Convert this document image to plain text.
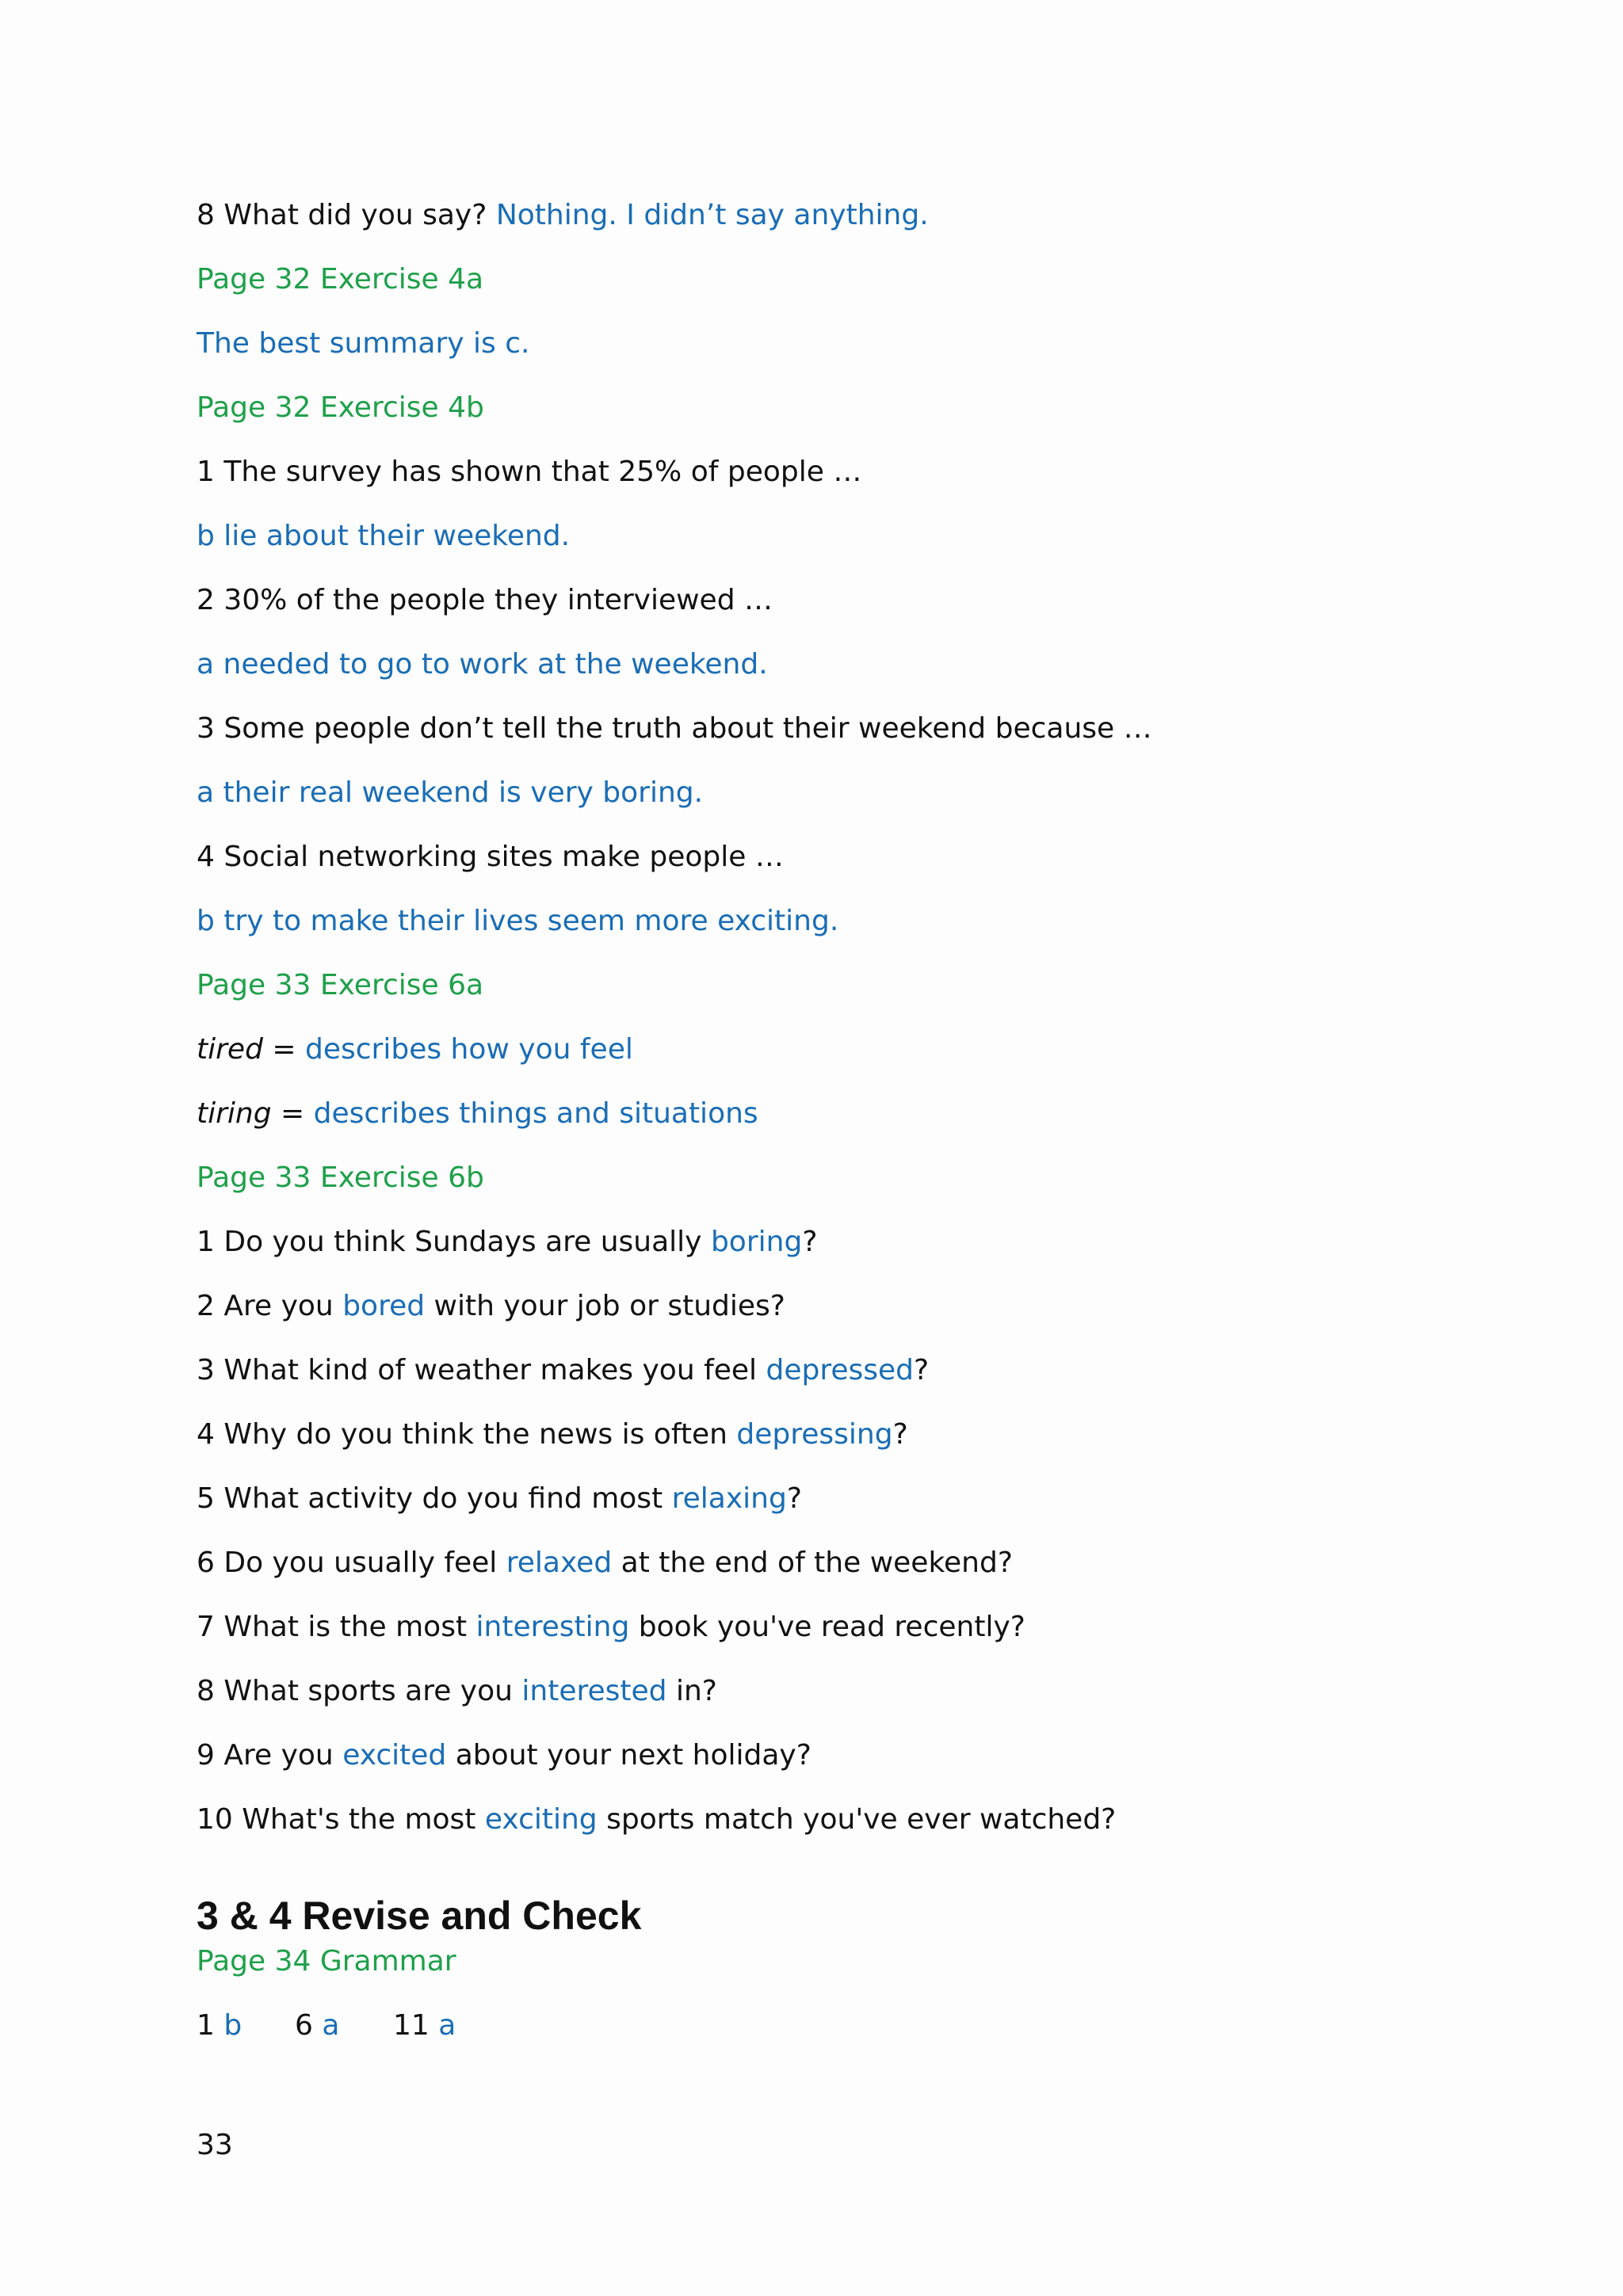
8 What did you say? Nothing. I didn’t say anything.
Page 32 Exercise 4a
The best summary is c.
Page 32 Exercise 4b
1 The survey has shown that 25% of people …
b lie about their weekend.
2 30% of the people they interviewed …
a needed to go to work at the weekend.
3 Some people don’t tell the truth about their weekend because …
a their real weekend is very boring.
4 Social networking sites make people …
b try to make their lives seem more exciting.
Page 33 Exercise 6a
tired = describes how you feel
tiring = describes things and situations
Page 33 Exercise 6b
1 Do you think Sundays are usually boring?
2 Are you bored with your job or studies?
3 What kind of weather makes you feel depressed?
4 Why do you think the news is often depressing?
5 What activity do you find most relaxing?
6 Do you usually feel relaxed at the end of the weekend?
7 What is the most interesting book you've read recently?
8 What sports are you interested in?
9 Are you excited about your next holiday?
10 What's the most exciting sports match you've ever watched?
3 & 4 Revise and Check
Page 34 Grammar
1 b 6 a 11 a
33
